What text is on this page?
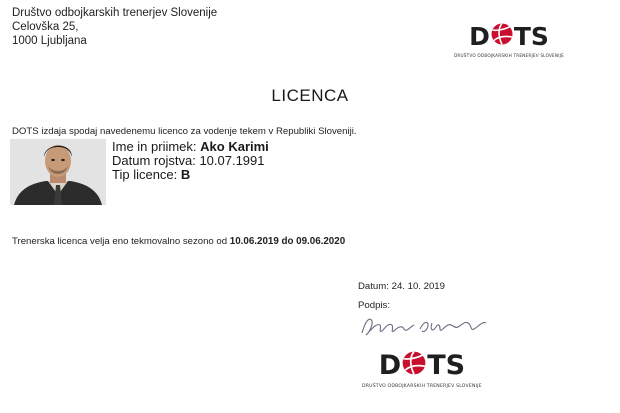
Društvo odbojkarskih trenerjev Slovenije
Celovška 25,
1000 Ljubljana	D TS
DRUŠTVO ODBOJKARSKIH TRENERJEV SLOVENIJE
LICENCA
DOTS izdaja spodaj navedenemu licenco za vodenje tekem v Republiki Sloveniji.
Ime in priimek: Ako Karimi
Datum rojstva: 10.07.1991
Tip licence: B
Trenerska licenca velja eno tekmovalno sezono od 10.06.2019 do 09.06.2020
Datum: 24. 10. 2019
Podpis:
D TS
DRUŠTVO ODBOJKARSKIH TRENERJEV SLOVENIJE
